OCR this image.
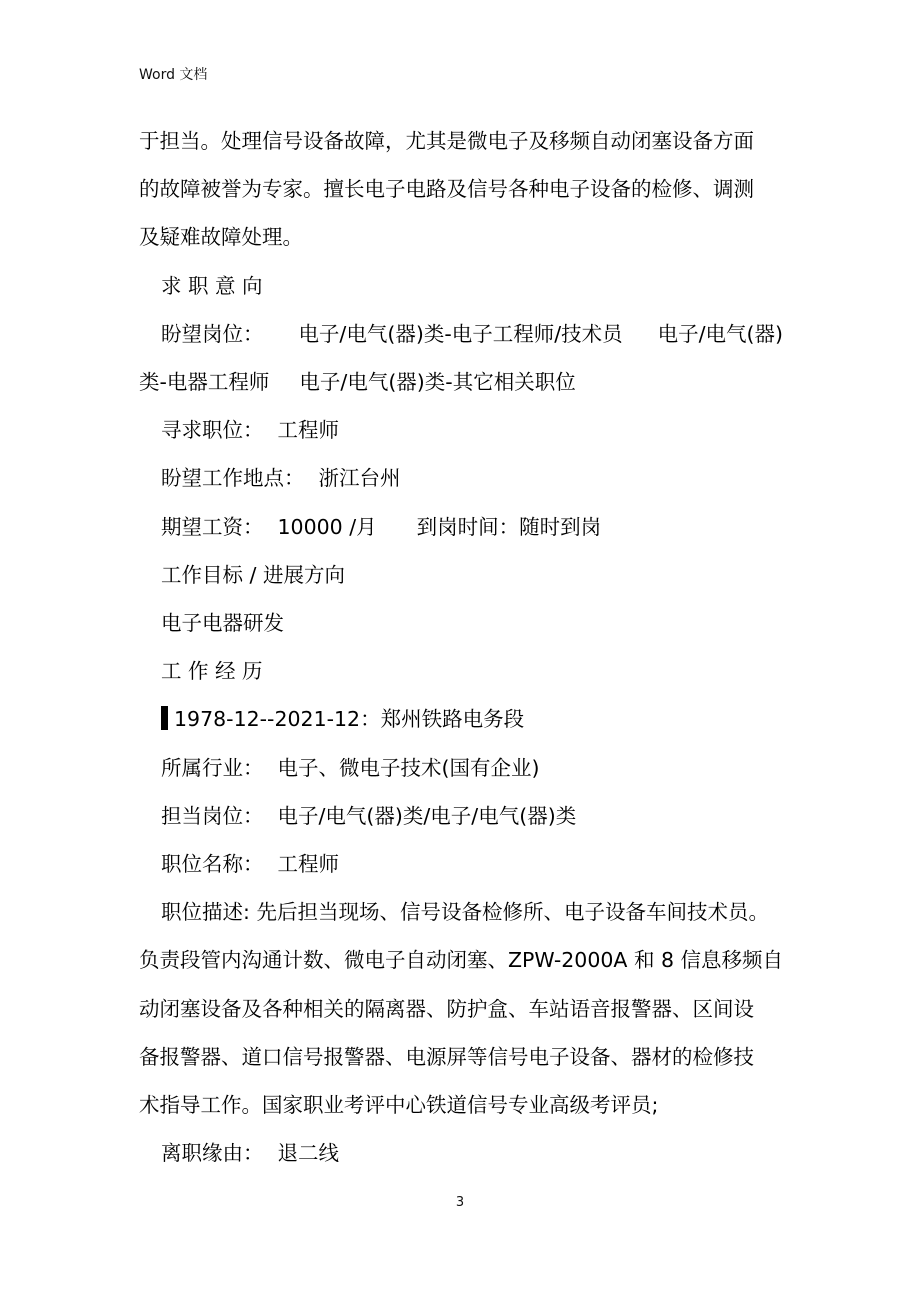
Word 文档
于担当。处理信号设备故障，尤其是微电子及移频自动闭塞设备方面
的故障被誉为专家。擅长电子电路及信号各种电子设备的检修、调测
及疑难故障处理。
求 职 意 向
盼望岗位： 电子/电气(器)类-电子工程师/技术员 电子/电气(器)
类-电器工程师 电子/电气(器)类-其它相关职位
寻求职位： 工程师
盼望工作地点： 浙江台州
期望工资： 10000 /月 到岗时间：随时到岗
工作目标 / 进展方向
电子电器研发
工 作 经 历
1978-12--2021-12：郑州铁路电务段
所属行业： 电子、微电子技术(国有企业)
担当岗位： 电子/电气(器)类/电子/电气(器)类
职位名称： 工程师
职位描述: 先后担当现场、信号设备检修所、电子设备车间技术员。
负责段管内沟通计数、微电子自动闭塞、ZPW-2000A 和 8 信息移频自
动闭塞设备及各种相关的隔离器、防护盒、车站语音报警器、区间设
备报警器、道口信号报警器、电源屏等信号电子设备、器材的检修技
术指导工作。国家职业考评中心铁道信号专业高级考评员;
离职缘由： 退二线
3
